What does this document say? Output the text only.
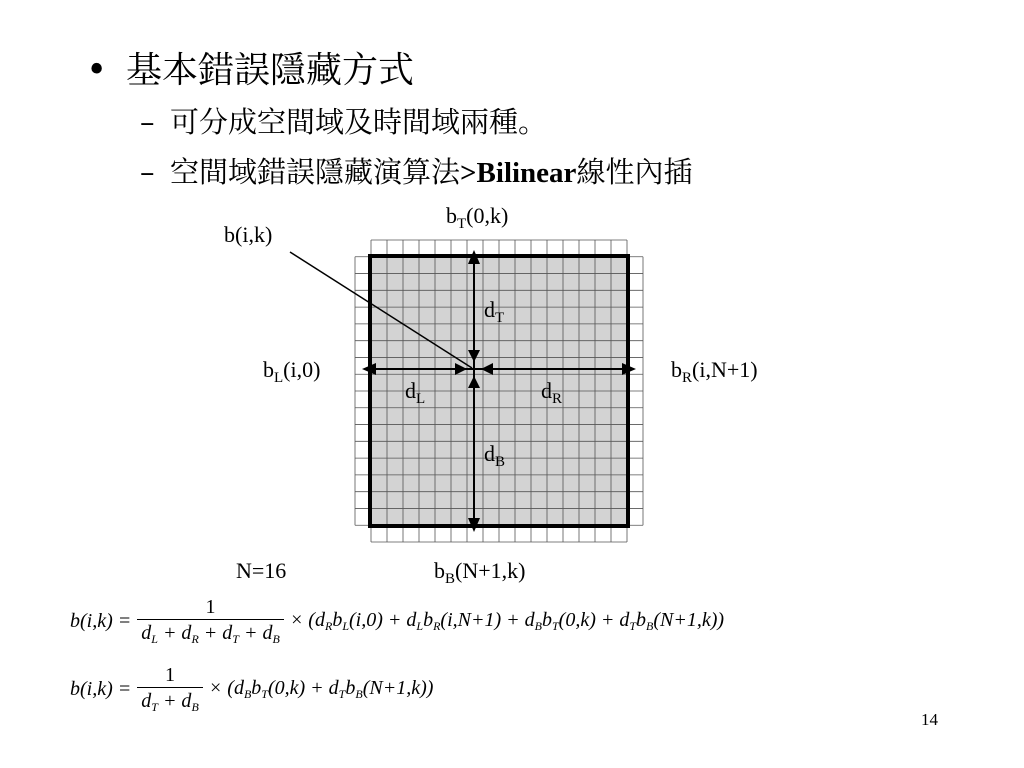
• 基本錯誤隱藏方式
– 可分成空間域及時間域兩種。
– 空間域錯誤隱藏演算法>Bilinear線性內插
b(i,k)
$b_T(0,k)$
$b_L(i,0)$	$b_R(i,N+1)$
$b_B(N+1,k)$
$d_T$
$d_L$	$d_R$
$d_B$
N=16
$b(i,k) = \frac{1}{d_L + d_R + d_T + d_B} \times (d_Rb_L(i,0) + d_Lb_R(i,N+1) + d_Bb_T(0,k) + d_Tb_B(N+1,k))$
$b(i,k) = \frac{1}{d_T + d_B} \times (d_Bb_T(0,k) + d_Tb_B(N+1,k))$
14
